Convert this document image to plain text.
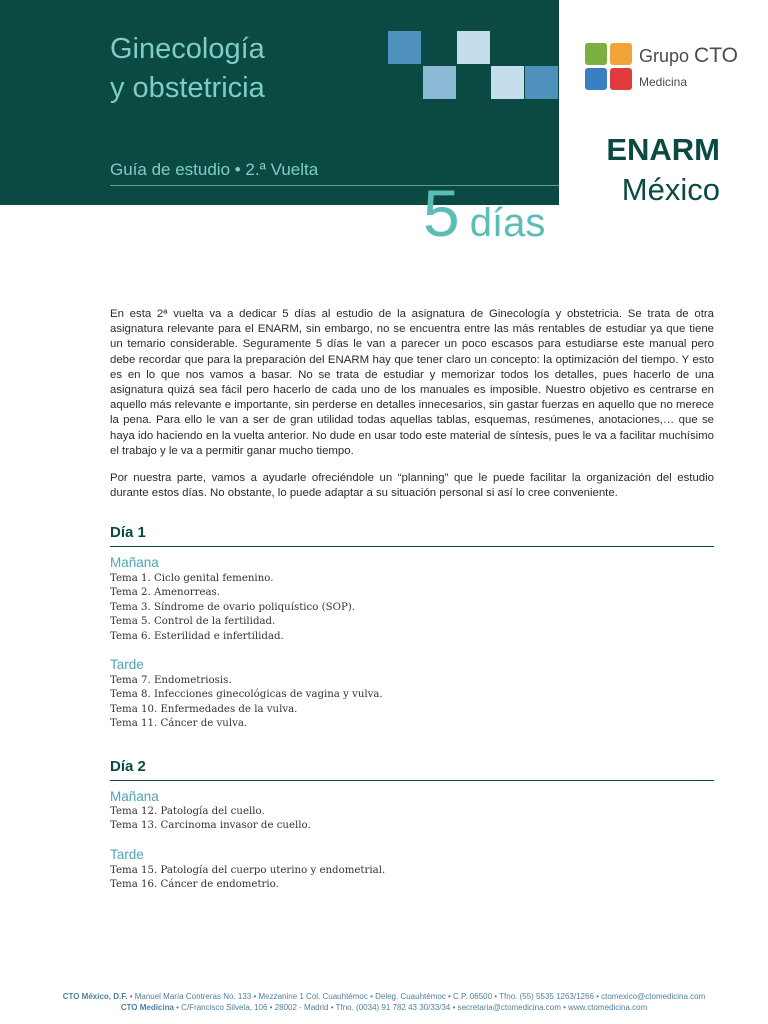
Ginecología
y obstetricia
Guía de estudio • 2.ª Vuelta
5 días
Grupo CTO
Medicina
ENARM
México

En esta 2ª vuelta va a dedicar 5 días al estudio de la asignatura de Ginecología y obstetricia. Se trata de otra asignatura relevante para el ENARM, sin embargo, no se encuentra entre las más rentables de estudiar ya que tiene un temario considerable. Seguramente 5 días le van a parecer un poco escasos para estudiarse este manual pero debe recordar que para la preparación del ENARM hay que tener claro un concepto: la optimización del tiempo. Y esto es en lo que nos vamos a basar. No se trata de estudiar y memorizar todos los detalles, pues hacerlo de una asignatura quizá sea fácil pero hacerlo de cada uno de los manuales es imposible. Nuestro objetivo es centrarse en aquello más relevante e importante, sin perderse en detalles innecesarios, sin gastar fuerzas en aquello que no merece la pena. Para ello le van a ser de gran utilidad todas aquellas tablas, esquemas, resúmenes, anotaciones,… que se haya ido haciendo en la vuelta anterior. No dude en usar todo este material de síntesis, pues le va a facilitar muchísimo el trabajo y le va a permitir ganar mucho tiempo.

Por nuestra parte, vamos a ayudarle ofreciéndole un “planning” que le puede facilitar la organización del estudio durante estos días. No obstante, lo puede adaptar a su situación personal si así lo cree conveniente.

Día 1
Mañana
Tema 1. Ciclo genital femenino.
Tema 2. Amenorreas.
Tema 3. Síndrome de ovario poliquístico (SOP).
Tema 5. Control de la fertilidad.
Tema 6. Esterilidad e infertilidad.
Tarde
Tema 7. Endometriosis.
Tema 8. Infecciones ginecológicas de vagina y vulva.
Tema 10. Enfermedades de la vulva.
Tema 11. Cáncer de vulva.
Día 2
Mañana
Tema 12. Patología del cuello.
Tema 13. Carcinoma invasor de cuello.
Tarde
Tema 15. Patología del cuerpo uterino y endometrial.
Tema 16. Cáncer de endometrio.
CTO México, D.F. • Manuel María Contreras No. 133 • Mezzanine 1 Col. Cuauhtémoc • Deleg. Cuauhtémoc • C.P. 06500 • Tfno. (55) 5535 1263/1266 • ctomexico@ctomedicina.com
CTO Medicina • C/Francisco Silvela, 106 • 28002 - Madrid • Tfno. (0034) 91 782 43 30/33/34 • secretaria@ctomedicina.com • www.ctomedicina.com
